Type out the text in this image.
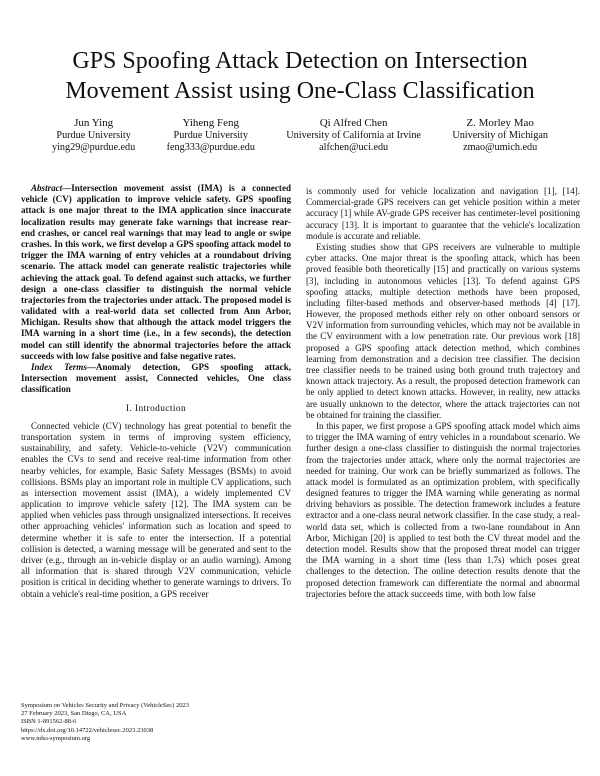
GPS Spoofing Attack Detection on Intersection
Movement Assist using One-Class Classification
Jun Ying
Purdue University
ying29@purdue.edu
Yiheng Feng
Purdue University
feng333@purdue.edu
Qi Alfred Chen
University of California at Irvine
alfchen@uci.edu
Z. Morley Mao
University of Michigan
zmao@umich.edu

Abstract—Intersection movement assist (IMA) is a connected vehicle (CV) application to improve vehicle safety. GPS spoofing attack is one major threat to the IMA application since inaccurate localization results may generate fake warnings that increase rear-end crashes, or cancel real warnings that may lead to angle or swipe crashes. In this work, we first develop a GPS spoofing attack model to trigger the IMA warning of entry vehicles at a roundabout driving scenario. The attack model can generate realistic trajectories while achieving the attack goal. To defend against such attacks, we further design a one-class classifier to distinguish the normal vehicle trajectories from the trajectories under attack. The proposed model is validated with a real-world data set collected from Ann Arbor, Michigan. Results show that although the attack model triggers the IMA warning in a short time (i.e., in a few seconds), the detection model can still identify the abnormal trajectories before the attack succeeds with low false positive and false negative rates.

Index Terms—Anomaly detection, GPS spoofing attack, Intersection movement assist, Connected vehicles, One class classification

I. Introduction

Connected vehicle (CV) technology has great potential to benefit the transportation system in terms of improving system efficiency, sustainability, and safety. Vehicle-to-vehicle (V2V) communication enables the CVs to send and receive real-time information from other nearby vehicles, for example, Basic Safety Messages (BSMs) to avoid collisions. BSMs play an important role in multiple CV applications, such as intersection movement assist (IMA), a widely implemented CV application to improve vehicle safety [12]. The IMA system can be applied when vehicles pass through unsignalized intersections. It receives other approaching vehicles' information such as location and speed to determine whether it is safe to enter the intersection. If a potential collision is detected, a warning message will be generated and sent to the driver (e.g., through an in-vehicle display or an audio warning). Among all information that is shared through V2V communication, vehicle position is critical in deciding whether to generate warnings to drivers. To obtain a vehicle's real-time position, a GPS receiver

is commonly used for vehicle localization and navigation [1], [14]. Commercial-grade GPS receivers can get vehicle position within a meter accuracy [1] while AV-grade GPS receiver has centimeter-level positioning accuracy [13]. It is important to guarantee that the vehicle's localization module is accurate and reliable.

Existing studies show that GPS receivers are vulnerable to multiple cyber attacks. One major threat is the spoofing attack, which has been proved feasible both theoretically [15] and practically on various systems [3], including in autonomous vehicles [13]. To defend against GPS spoofing attacks, multiple detection methods have been proposed, including filter-based methods and observer-based methods [4] [17]. However, the proposed methods either rely on other onboard sensors or V2V information from surrounding vehicles, which may not be available in the CV environment with a low penetration rate. Our previous work [18] proposed a GPS spoofing attack detection method, which combines learning from demonstration and a decision tree classifier. The decision tree classifier needs to be trained using both ground truth trajectory and known attack trajectory. As a result, the proposed detection framework can be only applied to detect known attacks. However, in reality, new attacks are usually unknown to the detector, where the attack trajectories can not be obtained for training the classifier.

In this paper, we first propose a GPS spoofing attack model which aims to trigger the IMA warning of entry vehicles in a roundabout scenario. We further design a one-class classifier to distinguish the normal trajectories from the trajectories under attack, where only the normal trajectories are needed for training. Our work can be briefly summarized as follows. The attack model is formulated as an optimization problem, with specifically designed features to trigger the IMA warning while generating as normal driving behaviors as possible. The detection framework includes a feature extractor and a one-class neural network classifier. In the case study, a real-world data set, which is collected from a two-lane roundabout in Ann Arbor, Michigan [20] is applied to test both the CV threat model and the detection model. Results show that the proposed threat model can trigger the IMA warning in a short time (less than 1.7s) which poses great challenges to the detection. The online detection results denote that the proposed detection framework can differentiate the normal and abnormal trajectories before the attack succeeds time, with both low false

Symposium on Vehicles Security and Privacy (VehicleSec) 2023
27 February 2023, San Diego, CA, USA
ISBN 1-891562-88-6
https://dx.doi.org/10.14722/vehiclesec.2023.23038
www.ndss-symposium.org
